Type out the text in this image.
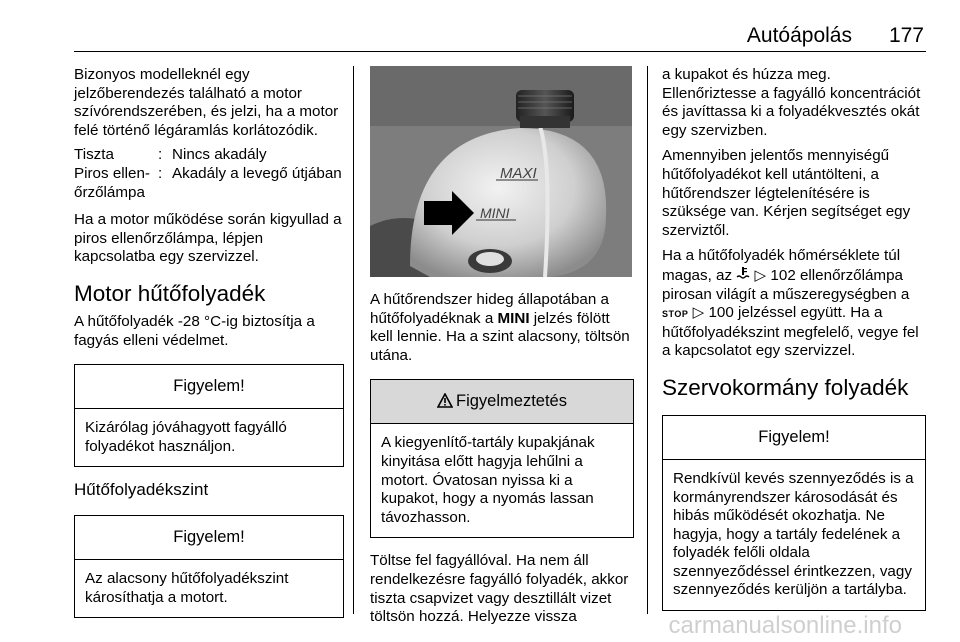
Autóápolás 177

Bizonyos modelleknél egy jelzőberendezés található a motor szívórendszerében, és jelzi, ha a motor felé történő légáramlás korlátozódik.

Tiszta	: Nincs akadály
Piros ellen-őrzőlámpa
: Akadály a levegő útjában

Ha a motor működése során kigyullad a piros ellenőrzőlámpa, lépjen kapcsolatba egy szervizzel.

Motor hűtőfolyadék

A hűtőfolyadék -28 °C-ig biztosítja a fagyás elleni védelmet.

Figyelem!
Kizárólag jóváhagyott fagyálló folyadékot használjon.
Hűtőfolyadékszint
Figyelem!
Az alacsony hűtőfolyadékszint károsíthatja a motort.
MAXI
MINI

A hűtőrendszer hideg állapotában a hűtőfolyadéknak a MINI jelzés fölött kell lennie. Ha a szint alacsony, töltsön utána.

Figyelmeztetés
A kiegyenlítő-tartály kupakjának kinyitása előtt hagyja lehűlni a motort. Óvatosan nyissa ki a kupakot, hogy a nyomás lassan távozhasson.

Töltse fel fagyállóval. Ha nem áll rendelkezésre fagyálló folyadék, akkor tiszta csapvizet vagy desztillált vizet töltsön hozzá. Helyezze vissza

a kupakot és húzza meg. Ellenőriztesse a fagyálló koncentrációt és javíttassa ki a folyadékvesztés okát egy szervizben.

Amennyiben jelentős mennyiségű hűtőfolyadékot kell utántölteni, a hűtőrendszer légtelenítésére is szüksége van. Kérjen segítséget egy szerviztől.

Ha a hűtőfolyadék hőmérséklete túl magas, az  ▷ 102 ellenőrzőlámpa pirosan világít a műszeregységben a STOP ▷ 100 jelzéssel együtt. Ha a hűtőfolyadékszint megfelelő, vegye fel a kapcsolatot egy szervizzel.

Szervokormány folyadék
Figyelem!
Rendkívül kevés szennyeződés is a kormányrendszer károsodását és hibás működését okozhatja. Ne hagyja, hogy a tartály fedelének a folyadék felőli oldala szennyeződéssel érintkezzen, vagy szennyeződés kerüljön a tartályba.
carmanualsonline.info
